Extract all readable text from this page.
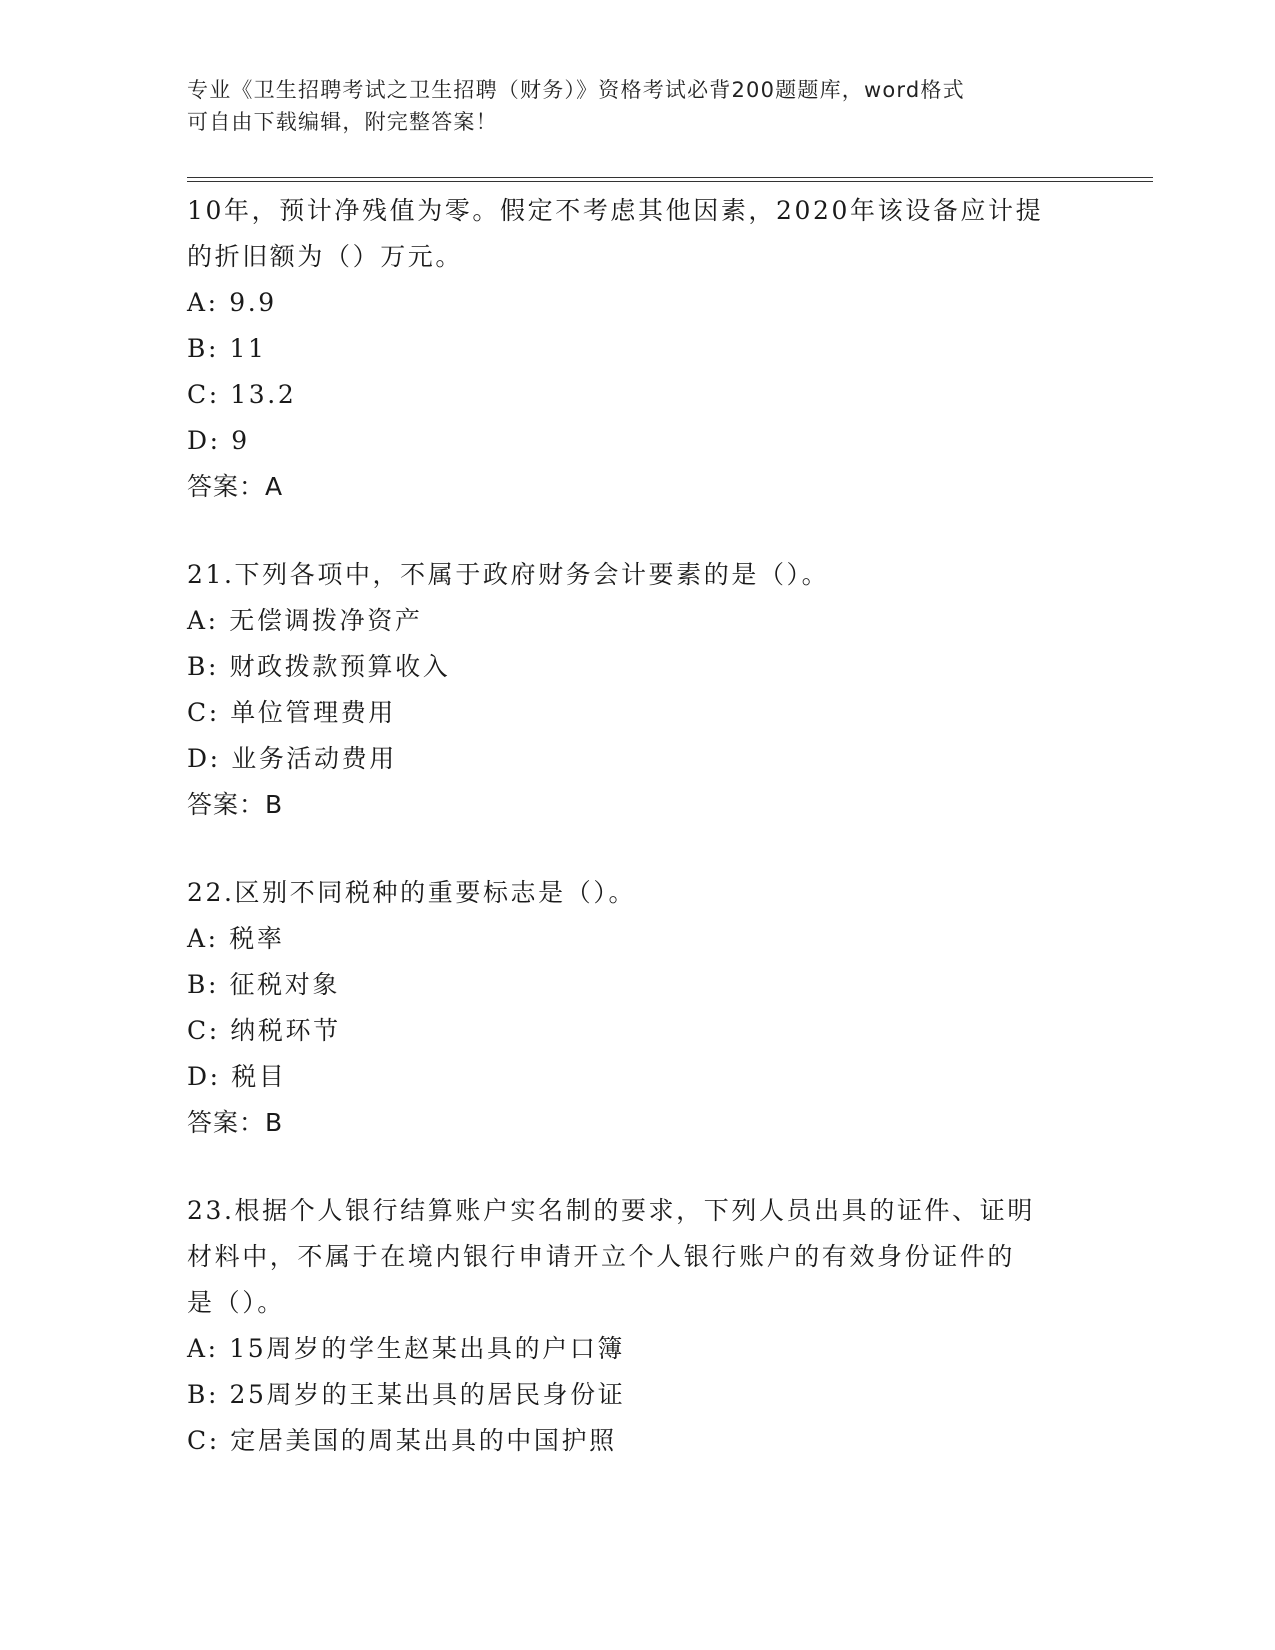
专业《卫生招聘考试之卫生招聘（财务）》资格考试必背200题题库，word格式

可自由下载编辑，附完整答案！

10年，预计净残值为零。假定不考虑其他因素，2020年该设备应计提
的折旧额为（）万元。
A: 9.9
B: 11
C: 13.2
D: 9
答案：A
21.下列各项中，不属于政府财务会计要素的是（）。
A: 无偿调拨净资产
B: 财政拨款预算收入
C: 单位管理费用
D: 业务活动费用
答案：B
22.区别不同税种的重要标志是（）。
A: 税率
B: 征税对象
C: 纳税环节
D: 税目
答案：B
23.根据个人银行结算账户实名制的要求，下列人员出具的证件、证明
材料中，不属于在境内银行申请开立个人银行账户的有效身份证件的
是（）。
A: 15周岁的学生赵某出具的户口簿
B: 25周岁的王某出具的居民身份证
C: 定居美国的周某出具的中国护照
